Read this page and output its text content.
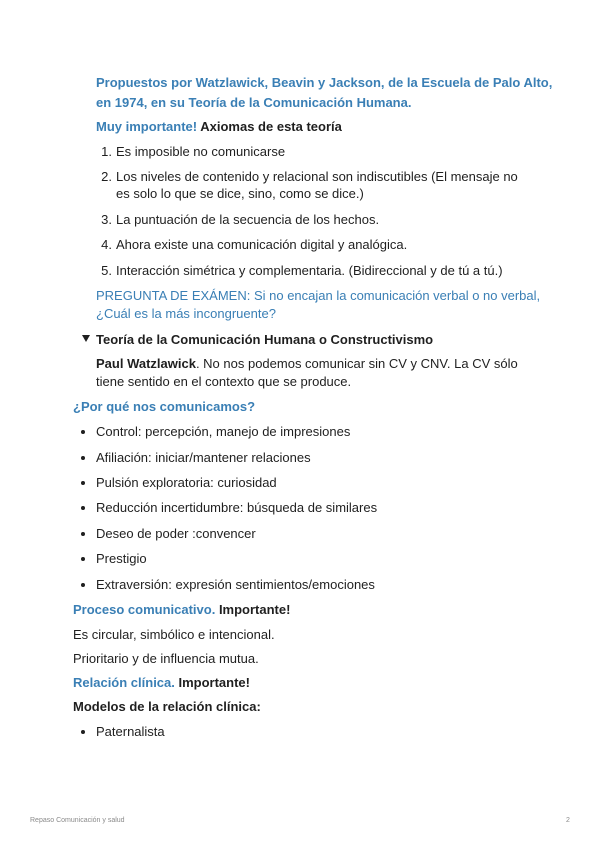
Propuestos por Watzlawick, Beavin y Jackson, de la Escuela de Palo Alto,
en 1974, en su Teoría de la Comunicación Humana.
Muy importante! Axiomas de esta teoría
1. Es imposible no comunicarse
2. Los niveles de contenido y relacional son indiscutibles (El mensaje no
es solo lo que se dice, sino, como se dice.)
3. La puntuación de la secuencia de los hechos.
4. Ahora existe una comunicación digital y analógica.
5. Interacción simétrica y complementaria. (Bidireccional y de tú a tú.)
PREGUNTA DE EXÁMEN: Si no encajan la comunicación verbal o no verbal,
¿Cuál es la más incongruente?
Teoría de la Comunicación Humana o Constructivismo
Paul Watzlawick. No nos podemos comunicar sin CV y CNV. La CV sólo
tiene sentido en el contexto que se produce.
¿Por qué nos comunicamos?
Control: percepción, manejo de impresiones
Afiliación: iniciar/mantener relaciones
Pulsión exploratoria: curiosidad
Reducción incertidumbre: búsqueda de similares
Deseo de poder :convencer
Prestigio
Extraversión: expresión sentimientos/emociones
Proceso comunicativo. Importante!
Es circular, simbólico e intencional.
Prioritario y de influencia mutua.
Relación clínica. Importante!
Modelos de la relación clínica:
Paternalista
Repaso Comunicación y salud	2
